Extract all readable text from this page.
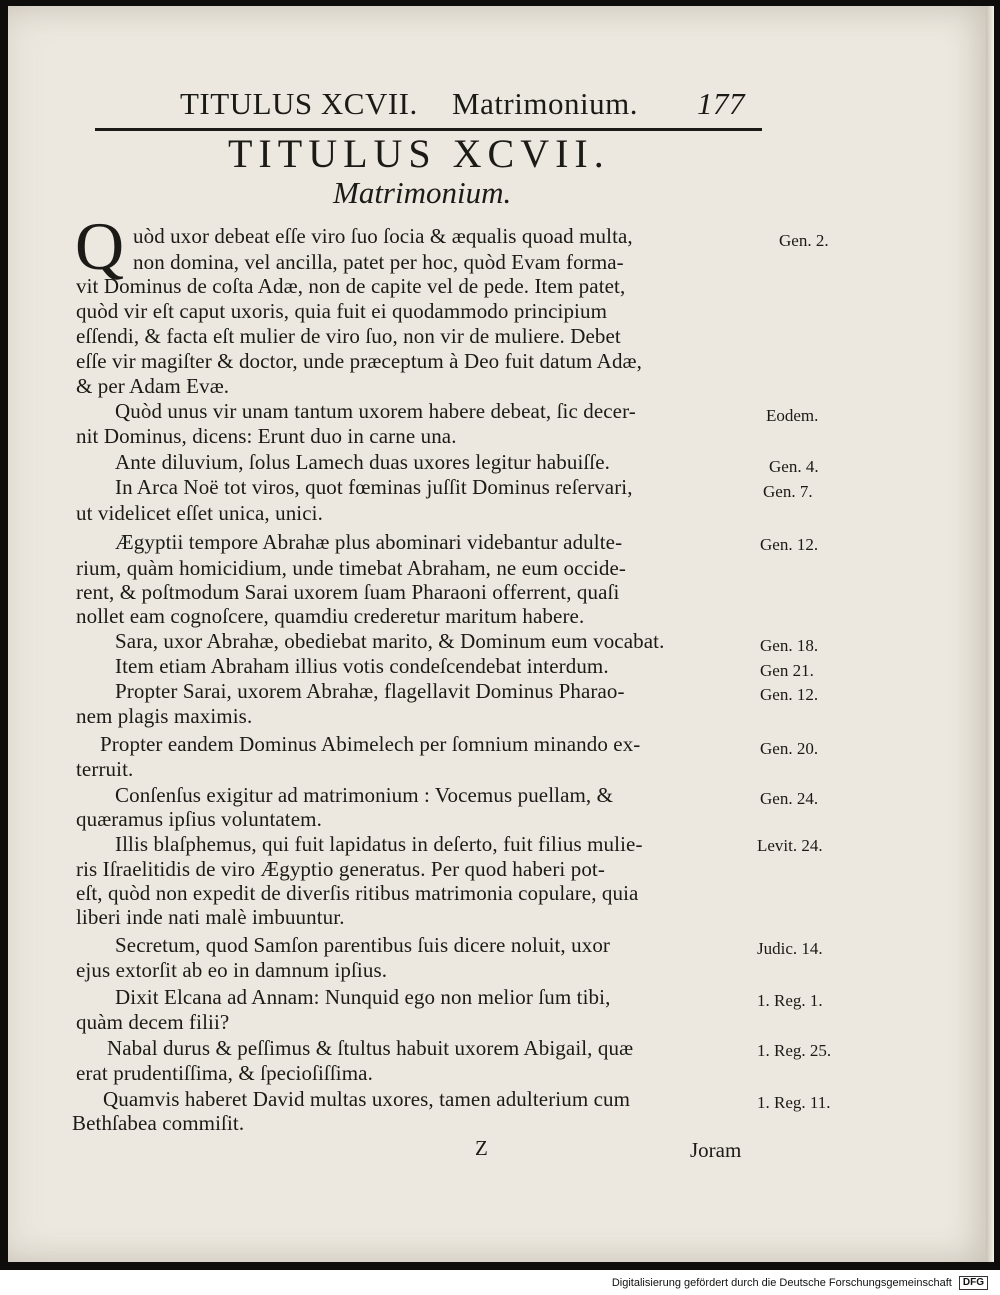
TITULUS XCVII. Matrimonium. 177
TITULUS XCVII.
Matrimonium.
Q uòd uxor debeat eſſe viro ſuo ſocia & æqualis quoad multa,
non domina, vel ancilla, patet per hoc, quòd Evam forma-
vit Dominus de coſta Adæ, non de capite vel de pede. Item patet,
quòd vir eſt caput uxoris, quia fuit ei quodammodo principium
eſſendi, & facta eſt mulier de viro ſuo, non vir de muliere. Debet
eſſe vir magiſter & doctor, unde præceptum à Deo fuit datum Adæ,
& per Adam Evæ.
Quòd unus vir unam tantum uxorem habere debeat, ſic decer-
nit Dominus, dicens: Erunt duo in carne una.
Ante diluvium, ſolus Lamech duas uxores legitur habuiſſe.
In Arca Noë tot viros, quot fœminas juſſit Dominus reſervari,
ut videlicet eſſet unica, unici.
Ægyptii tempore Abrahæ plus abominari videbantur adulte-
rium, quàm homicidium, unde timebat Abraham, ne eum occide-
rent, & poſtmodum Sarai uxorem ſuam Pharaoni offerrent, quaſi
nollet eam cognoſcere, quamdiu crederetur maritum habere.
Sara, uxor Abrahæ, obediebat marito, & Dominum eum vocabat.
Item etiam Abraham illius votis condeſcendebat interdum.
Propter Sarai, uxorem Abrahæ, flagellavit Dominus Pharao-
nem plagis maximis.
Propter eandem Dominus Abimelech per ſomnium minando ex-
terruit.
Conſenſus exigitur ad matrimonium : Vocemus puellam, &
quæramus ipſius voluntatem.
Illis blaſphemus, qui fuit lapidatus in deſerto, fuit filius mulie-
ris Iſraelitidis de viro Ægyptio generatus. Per quod haberi pot-
eſt, quòd non expedit de diverſis ritibus matrimonia copulare, quia
liberi inde nati malè imbuuntur.
Secretum, quod Samſon parentibus ſuis dicere noluit, uxor
ejus extorſit ab eo in damnum ipſius.
Dixit Elcana ad Annam: Nunquid ego non melior ſum tibi,
quàm decem filii?
Nabal durus & peſſimus & ſtultus habuit uxorem Abigail, quæ
erat prudentiſſima, & ſpecioſiſſima.
Quamvis haberet David multas uxores, tamen adulterium cum
Bethſabea commiſit.
Gen. 2.
Eodem.
Gen. 4.
Gen. 7.
Gen. 12.
Gen. 18.
Gen 21.
Gen. 12.
Gen. 20.
Gen. 24.
Levit. 24.
Judic. 14.
1. Reg. 1.
1. Reg. 25.
1. Reg. 11.
Z	Joram
Digitalisierung gefördert durch die Deutsche Forschungsgemeinschaft DFG
